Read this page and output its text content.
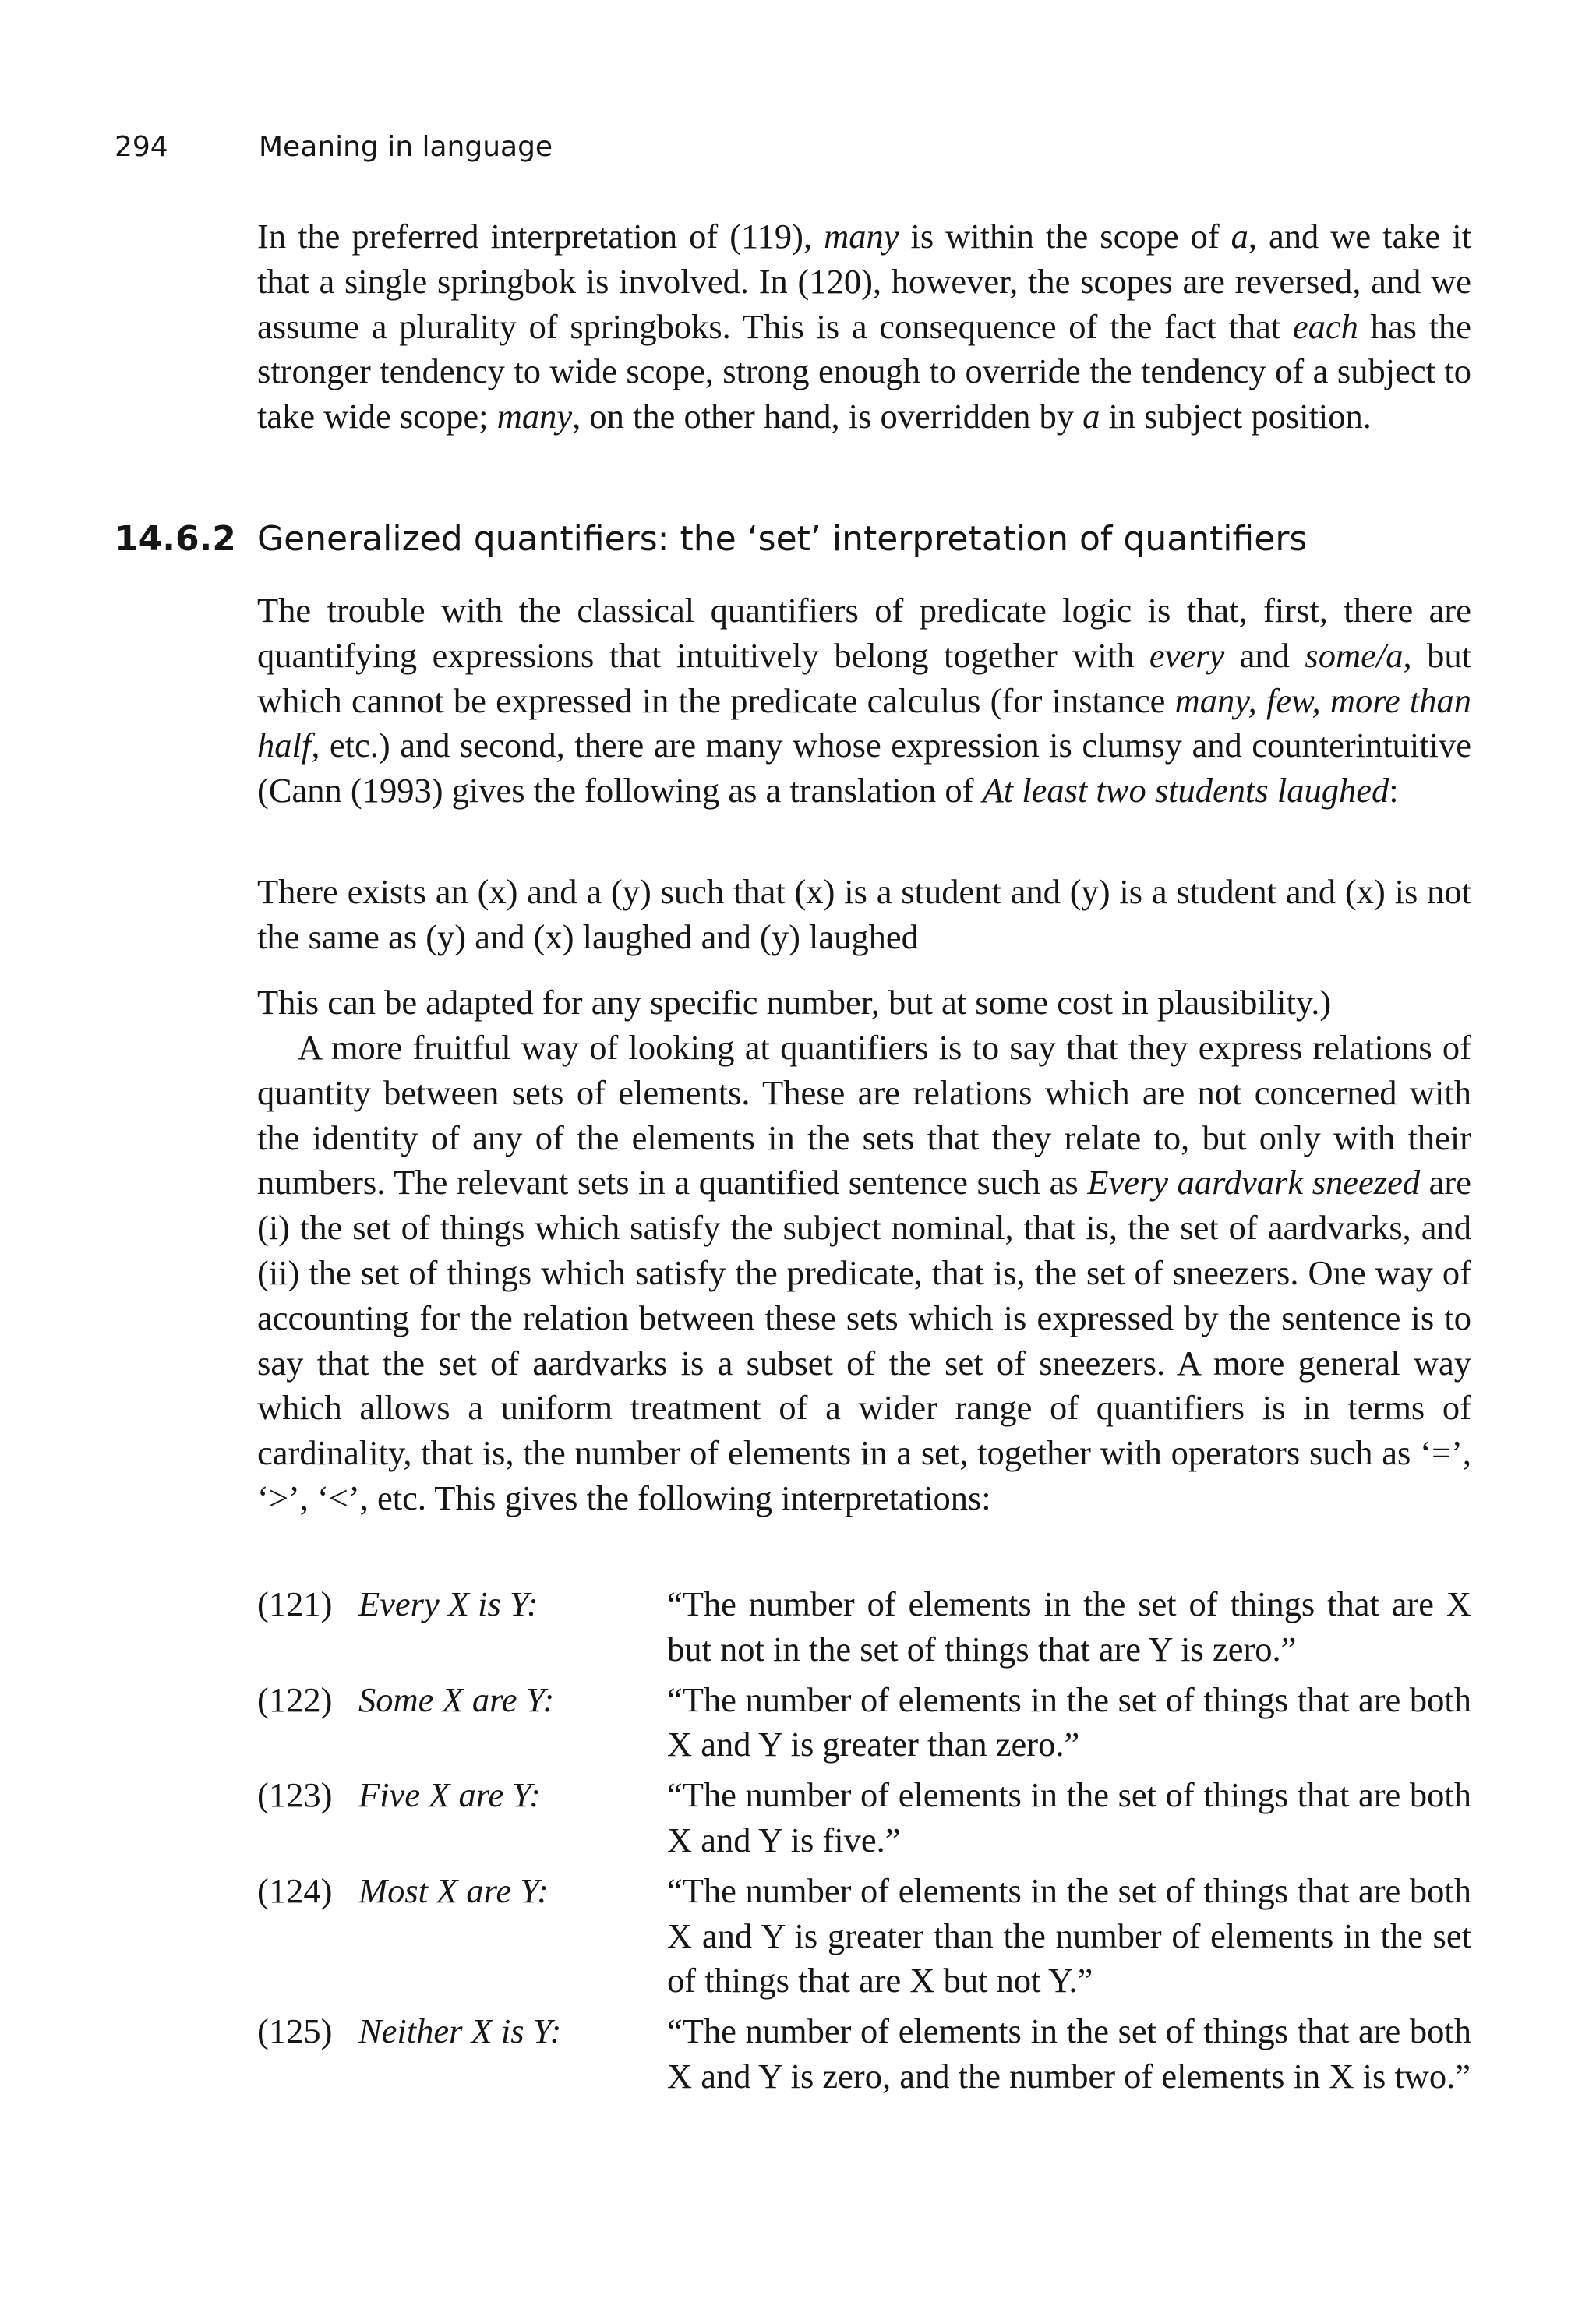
294	Meaning in language

In the preferred interpretation of (119), many is within the scope of a, and we take it that a single springbok is involved. In (120), however, the scopes are reversed, and we assume a plurality of springboks. This is a consequence of the fact that each has the stronger tendency to wide scope, strong enough to override the tendency of a subject to take wide scope; many, on the other hand, is overridden by a in subject position.

14.6.2 Generalized quantifiers: the ‘set’ interpretation of quantifiers

The trouble with the classical quantifiers of predicate logic is that, first, there are quantifying expressions that intuitively belong together with every and some/a, but which cannot be expressed in the predicate calculus (for instance many, few, more than half, etc.) and second, there are many whose expression is clumsy and counterintuitive (Cann (1993) gives the following as a translation of At least two students laughed:

There exists an (x) and a (y) such that (x) is a student and (y) is a student and (x) is not the same as (y) and (x) laughed and (y) laughed

This can be adapted for any specific number, but at some cost in plausibility.)

A more fruitful way of looking at quantifiers is to say that they express relations of quantity between sets of elements. These are relations which are not concerned with the identity of any of the elements in the sets that they relate to, but only with their numbers. The relevant sets in a quantified sentence such as Every aardvark sneezed are (i) the set of things which satisfy the subject nominal, that is, the set of aardvarks, and (ii) the set of things which satisfy the predicate, that is, the set of sneezers. One way of accounting for the relation between these sets which is expressed by the sentence is to say that the set of aardvarks is a subset of the set of sneezers. A more general way which allows a uniform treatment of a wider range of quantifiers is in terms of cardinality, that is, the number of elements in a set, together with operators such as ‘=’, ‘>’, ‘<’, etc. This gives the following interpretations:

(121) Every X is Y:	“The number of elements in the set of things that are X but not in the set of things that are Y is zero.”
(122) Some X are Y:	“The number of elements in the set of things that are both X and Y is greater than zero.”
(123) Five X are Y:	“The number of elements in the set of things that are both X and Y is five.”
(124) Most X are Y:	“The number of elements in the set of things that are both X and Y is greater than the number of elements in the set of things that are X but not Y.”
(125) Neither X is Y:	“The number of elements in the set of things that are both X and Y is zero, and the number of elements in X is two.”
